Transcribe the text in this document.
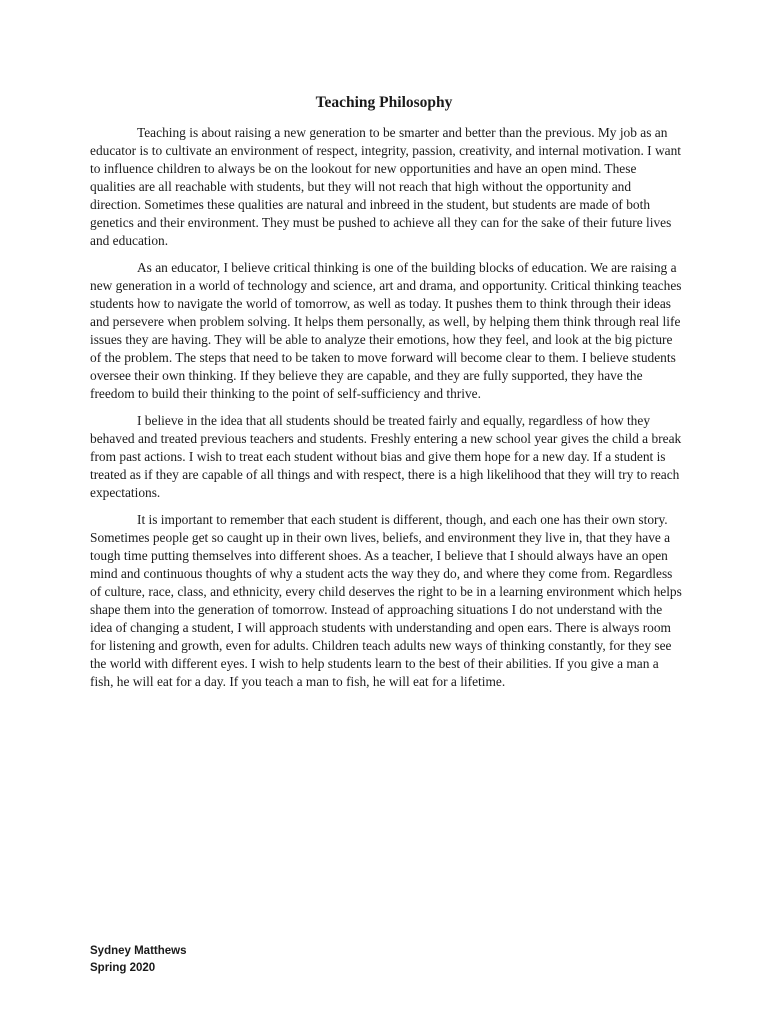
Teaching Philosophy

Teaching is about raising a new generation to be smarter and better than the previous. My job as an educator is to cultivate an environment of respect, integrity, passion, creativity, and internal motivation. I want to influence children to always be on the lookout for new opportunities and have an open mind. These qualities are all reachable with students, but they will not reach that high without the opportunity and direction. Sometimes these qualities are natural and inbreed in the student, but students are made of both genetics and their environment. They must be pushed to achieve all they can for the sake of their future lives and education.

As an educator, I believe critical thinking is one of the building blocks of education. We are raising a new generation in a world of technology and science, art and drama, and opportunity. Critical thinking teaches students how to navigate the world of tomorrow, as well as today. It pushes them to think through their ideas and persevere when problem solving. It helps them personally, as well, by helping them think through real life issues they are having. They will be able to analyze their emotions, how they feel, and look at the big picture of the problem. The steps that need to be taken to move forward will become clear to them. I believe students oversee their own thinking. If they believe they are capable, and they are fully supported, they have the freedom to build their thinking to the point of self-sufficiency and thrive.

I believe in the idea that all students should be treated fairly and equally, regardless of how they behaved and treated previous teachers and students. Freshly entering a new school year gives the child a break from past actions. I wish to treat each student without bias and give them hope for a new day. If a student is treated as if they are capable of all things and with respect, there is a high likelihood that they will try to reach expectations.

It is important to remember that each student is different, though, and each one has their own story. Sometimes people get so caught up in their own lives, beliefs, and environment they live in, that they have a tough time putting themselves into different shoes. As a teacher, I believe that I should always have an open mind and continuous thoughts of why a student acts the way they do, and where they come from. Regardless of culture, race, class, and ethnicity, every child deserves the right to be in a learning environment which helps shape them into the generation of tomorrow. Instead of approaching situations I do not understand with the idea of changing a student, I will approach students with understanding and open ears. There is always room for listening and growth, even for adults. Children teach adults new ways of thinking constantly, for they see the world with different eyes. I wish to help students learn to the best of their abilities. If you give a man a fish, he will eat for a day. If you teach a man to fish, he will eat for a lifetime.

Sydney Matthews
Spring 2020
